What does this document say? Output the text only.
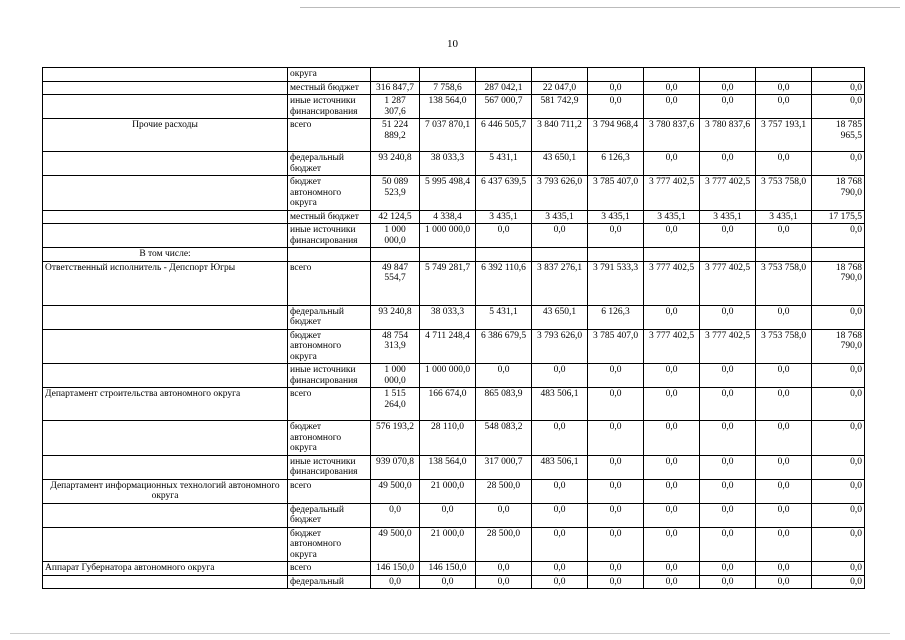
10
	округа									
	местный бюджет	316 847,7	7 758,6	287 042,1	22 047,0	0,0	0,0	0,0	0,0	0,0
	иные источники финансирования	1 287 307,6	138 564,0	567 000,7	581 742,9	0,0	0,0	0,0	0,0	0,0
Прочие расходы	всего	51 224 889,2	7 037 870,1	6 446 505,7	3 840 711,2	3 794 968,4	3 780 837,6	3 780 837,6	3 757 193,1	18 785 965,5
	федеральный бюджет	93 240,8	38 033,3	5 431,1	43 650,1	6 126,3	0,0	0,0	0,0	0,0
	бюджет автономного округа	50 089 523,9	5 995 498,4	6 437 639,5	3 793 626,0	3 785 407,0	3 777 402,5	3 777 402,5	3 753 758,0	18 768 790,0
	местный бюджет	42 124,5	4 338,4	3 435,1	3 435,1	3 435,1	3 435,1	3 435,1	3 435,1	17 175,5
	иные источники финансирования	1 000 000,0	1 000 000,0	0,0	0,0	0,0	0,0	0,0	0,0	0,0
В том числе:										
Ответственный исполнитель - Депспорт Югры	всего	49 847 554,7	5 749 281,7	6 392 110,6	3 837 276,1	3 791 533,3	3 777 402,5	3 777 402,5	3 753 758,0	18 768 790,0
	федеральный бюджет	93 240,8	38 033,3	5 431,1	43 650,1	6 126,3	0,0	0,0	0,0	0,0
	бюджет автономного округа	48 754 313,9	4 711 248,4	6 386 679,5	3 793 626,0	3 785 407,0	3 777 402,5	3 777 402,5	3 753 758,0	18 768 790,0
	иные источники финансирования	1 000 000,0	1 000 000,0	0,0	0,0	0,0	0,0	0,0	0,0	0,0
Департамент строительства автономного округа	всего	1 515 264,0	166 674,0	865 083,9	483 506,1	0,0	0,0	0,0	0,0	0,0
	бюджет автономного округа	576 193,2	28 110,0	548 083,2	0,0	0,0	0,0	0,0	0,0	0,0
	иные источники финансирования	939 070,8	138 564,0	317 000,7	483 506,1	0,0	0,0	0,0	0,0	0,0
Департамент информационных технологий автономного округа	всего	49 500,0	21 000,0	28 500,0	0,0	0,0	0,0	0,0	0,0	0,0
	федеральный бюджет	0,0	0,0	0,0	0,0	0,0	0,0	0,0	0,0	0,0
	бюджет автономного округа	49 500,0	21 000,0	28 500,0	0,0	0,0	0,0	0,0	0,0	0,0
Аппарат Губернатора автономного округа	всего	146 150,0	146 150,0	0,0	0,0	0,0	0,0	0,0	0,0	0,0
	федеральный	0,0	0,0	0,0	0,0	0,0	0,0	0,0	0,0	0,0
